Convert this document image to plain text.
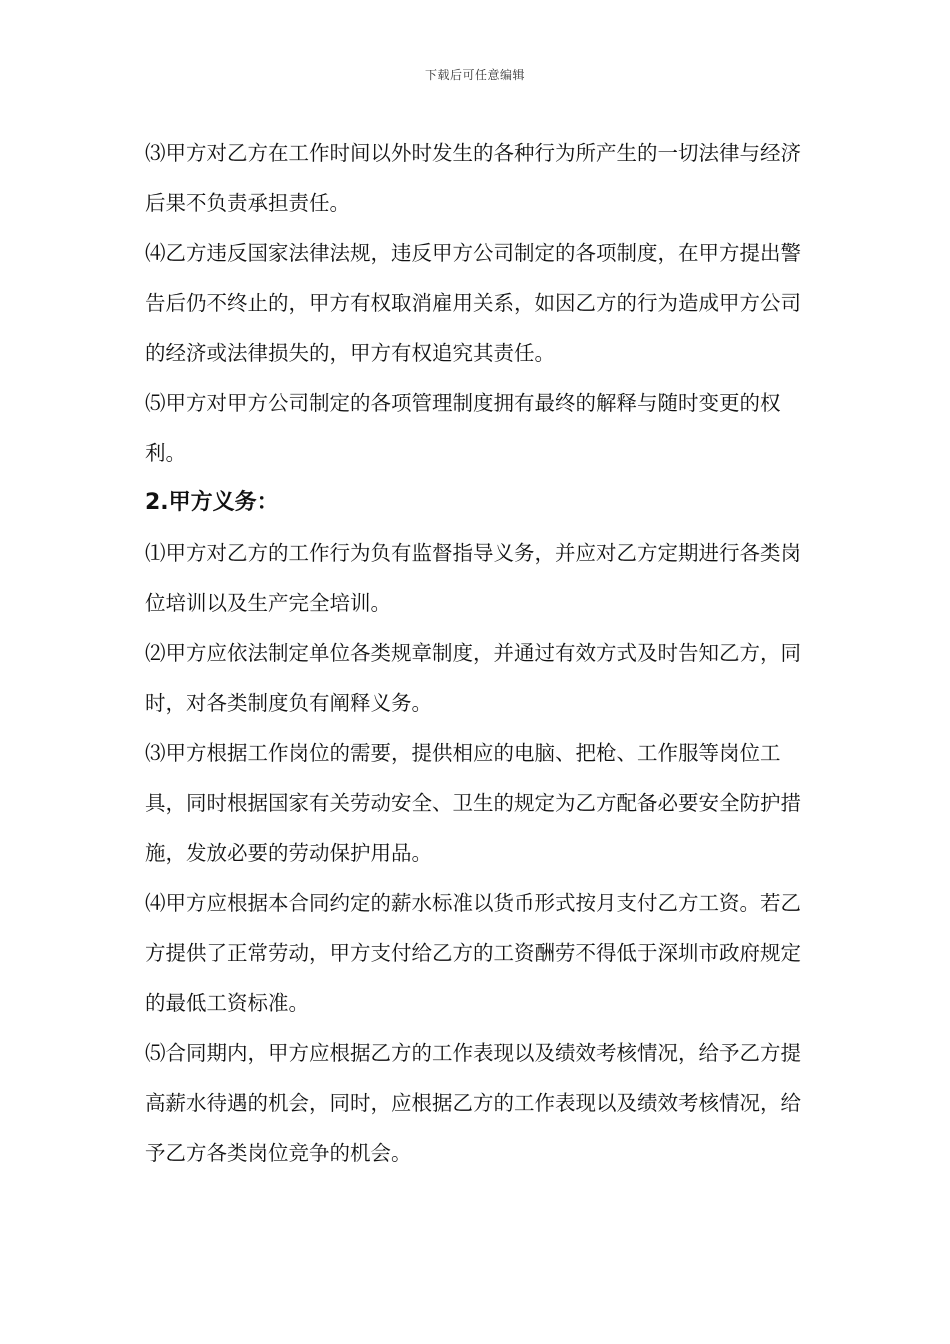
下载后可任意编辑

⑶甲方对乙方在工作时间以外时发生的各种行为所产生的一切法律与经济后果不负责承担责任。

⑷乙方违反国家法律法规，违反甲方公司制定的各项制度，在甲方提出警告后仍不终止的，甲方有权取消雇用关系，如因乙方的行为造成甲方公司的经济或法律损失的，甲方有权追究其责任。

⑸甲方对甲方公司制定的各项管理制度拥有最终的解释与随时变更的权利。

2.甲方义务：

⑴甲方对乙方的工作行为负有监督指导义务，并应对乙方定期进行各类岗位培训以及生产完全培训。

⑵甲方应依法制定单位各类规章制度，并通过有效方式及时告知乙方，同时，对各类制度负有阐释义务。

⑶甲方根据工作岗位的需要，提供相应的电脑、把枪、工作服等岗位工具，同时根据国家有关劳动安全、卫生的规定为乙方配备必要安全防护措施，发放必要的劳动保护用品。

⑷甲方应根据本合同约定的薪水标准以货币形式按月支付乙方工资。若乙方提供了正常劳动，甲方支付给乙方的工资酬劳不得低于深圳市政府规定的最低工资标准。

⑸合同期内，甲方应根据乙方的工作表现以及绩效考核情况，给予乙方提高薪水待遇的机会，同时，应根据乙方的工作表现以及绩效考核情况，给予乙方各类岗位竞争的机会。
